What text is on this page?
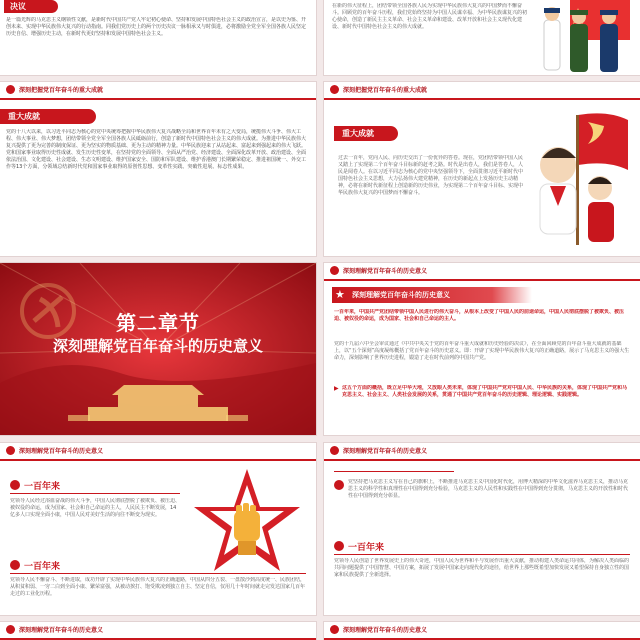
决议
是一篇光辉的马克思主义纲领性文献，是新时代中国共产党人牢记初心使命、坚持和发展中国特色社会主义的政治宣言，是以史为鉴、开创未来、实现中华民族伟大复兴的行动指南。同我们党历史上的两个历史决议一脉相承又与时俱进，必将激励全党全军全国各族人民坚定历史自信、增强历史主动，在新时代更好坚持和发展中国特色社会主义。
在新的伟大征程上，团结带领全国各族人民为实现中华民族伟大复兴的中国梦而不懈奋斗。回顾党的百年奋斗历程，我们党始终坚持为中国人民谋幸福、为中华民族谋复兴的初心使命，创造了新民主主义革命、社会主义革命和建设、改革开放和社会主义现代化建设、新时代中国特色社会主义的伟大成就。
深刻把握党百年奋斗的重大成就
重大成就
党的十八大以来，以习近平同志为核心的党中央统筹把握中华民族伟大复兴战略全局和世界百年未有之大变局，统揽伟大斗争、伟大工程、伟大事业、伟大梦想，团结带领全党全军全国各族人民砥砺前行，创造了新时代中国特色社会主义的伟大成就。为推进中华民族伟大复兴提供了更为完善的制度保证、更为坚实的物质基础、更为主动的精神力量。中华民族迎来了从站起来、富起来到强起来的伟大飞跃。党和国家事业取得历史性成就、发生历史性变革，在坚持党的全面领导、全面从严治党、经济建设、全面深化改革开放、政治建设、全面依法治国、文化建设、社会建设、生态文明建设、维护国家安全、国防和军队建设、维护香港澳门长期繁荣稳定、推进祖国统一、外交工作等13个方面，分领域总结新时代党和国家事业取得的原创性思想、变革性实践、突破性进展、标志性成果。
深刻把握党百年奋斗的重大成就
重大成就
过去一百年，党向人民、向历史交出了一份优异的答卷。现在，党团结带领中国人民又踏上了实现第二个百年奋斗目标新的赶考之路。时代是出卷人，我们是答卷人，人民是阅卷人。在以习近平同志为核心的党中央坚强领导下，全面贯彻习近平新时代中国特色社会主义思想，大力弘扬伟大建党精神，在历史的新起点上发扬历史主动精神，必将在新时代新征程上创造新的历史伟业，为实现第二个百年奋斗目标、实现中华民族伟大复兴的中国梦而不懈奋斗。
第二章节
深刻理解党百年奋斗的历史意义
深刻理解党百年奋斗的历史意义
★ 深刻理解党百年奋斗的历史意义
一百年来，中国共产党团结带领中国人民进行的伟大奋斗，从根本上改变了中国人民的前途命运，中国人民彻底摆脱了被欺负、被压迫、被奴役的命运，成为国家、社会和自己命运的主人。
党的十九届六中全会审议通过《中共中央关于党的百年奋斗重大成就和历史经验的决议》，在全面回顾党的百年奋斗重大成就的基础上，以“五个深刻”高度凝练概括了党百年奋斗的历史意义。即：开辟了实现中华民族伟大复兴的正确道路，展示了马克思主义的强大生命力，深刻影响了世界历史进程，锻造了走在时代前列的中国共产党。
▶ 这五个方面的概括，既立足中华大地，又放眼人类未来，体现了中国共产党对中国人民、中华民族的关系，体现了中国共产党和马克思主义、社会主义、人类社会发展的关系，贯通了中国共产党百年奋斗的历史逻辑、理论逻辑、实践逻辑。
深刻理解党百年奋斗的历史意义
一百年来
党领导人民经过浴血奋战的伟大斗争，中国人民彻底摆脱了被欺负、被压迫、被奴役的命运，成为国家、社会和自己命运的主人，人民民主不断发展，14亿多人口实现全面小康，中国人民对美好生活的向往不断变为现实。
一百年来
党领导人民不懈奋斗、不断进取，成功开辟了实现中华民族伟大复兴的正确道路，中国从四分五裂、一盘散沙到高度统一、民族团结，从积贫积弱、一穷二白到全面小康、繁荣富强，从被动挨打、饱受欺凌到独立自主、坚定自信，仅用几十年时间就走完发达国家几百年走过的工业化历程。
深刻理解党百年奋斗的历史意义
党坚持把马克思主义写在自己的旗帜上，不断推进马克思主义中国化时代化，用博大精深的中华文化滋养马克思主义，推动马克思主义的科学性和真理性在中国得到充分检验，马克思主义的人民性和实践性在中国得到充分贯彻，马克思主义的开放性和时代性在中国得到充分彰显。
一百年来
党领导人民创造了世界发展史上的伟大奇迹，中国人民为世界和平与发展作出重大贡献，推动构建人类命运共同体，为解决人类面临的共同问题提供了中国智慧、中国方案，拓展了发展中国家走向现代化的途径，给世界上那些既希望加快发展又希望保持自身独立性的国家和民族提供了全新选择。
深刻理解党百年奋斗的历史意义	深刻理解党百年奋斗的历史意义
